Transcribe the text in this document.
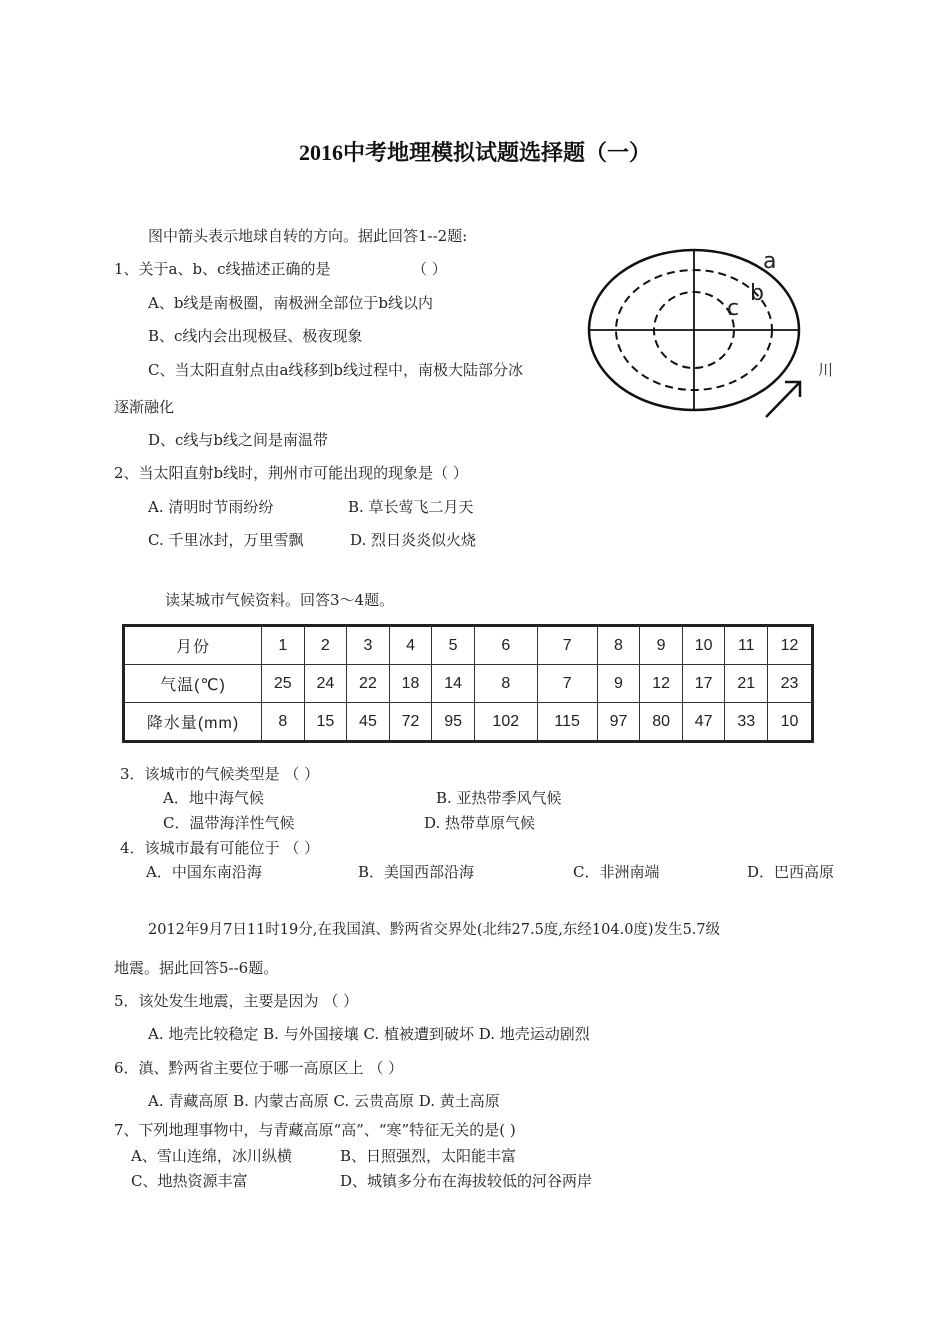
2016中考地理模拟试题选择题（一）
图中箭头表示地球自转的方向。据此回答1--2题:
1、关于a、b、c线描述正确的是	（ ）
A、b线是南极圈，南极洲全部位于b线以内
B、c线内会出现极昼、极夜现象
C、当太阳直射点由a线移到b线过程中，南极大陆部分冰	川
逐渐融化
D、c线与b线之间是南温带
2、当太阳直射b线时，荆州市可能出现的现象是（ ）
A. 清明时节雨纷纷	B. 草长莺飞二月天
C. 千里冰封，万里雪飘	D. 烈日炎炎似火烧
a
b
c
读某城市气候资料。回答3～4题。
月份	1	2	3	4	5	6	7	8	9	10	11	12
气温(℃)	25	24	22	18	14	8	7	9	12	17	21	23
降水量(mm)	8	15	45	72	95	102	115	97	80	47	33	10
3．该城市的气候类型是 （ ）
A．地中海气候	B. 亚热带季风气候
C．温带海洋性气候	D. 热带草原气候
4．该城市最有可能位于 （ ）
A．中国东南沿海	B．美国西部沿海	C．非洲南端	D．巴西高原
2012年9月7日11时19分,在我国滇、黔两省交界处(北纬27.5度,东经104.0度)发生5.7级
地震。据此回答5--6题。
5．该处发生地震，主要是因为 （ ）
A. 地壳比较稳定 B. 与外国接壤 C. 植被遭到破坏 D. 地壳运动剧烈
6．滇、黔两省主要位于哪一高原区上 （ ）
A. 青藏高原 B. 内蒙古高原 C. 云贵高原 D. 黄土高原
7、下列地理事物中，与青藏高原“高”、“寒”特征无关的是( )
A、雪山连绵，冰川纵横	B、日照强烈，太阳能丰富
C、地热资源丰富	D、城镇多分布在海拔较低的河谷两岸
